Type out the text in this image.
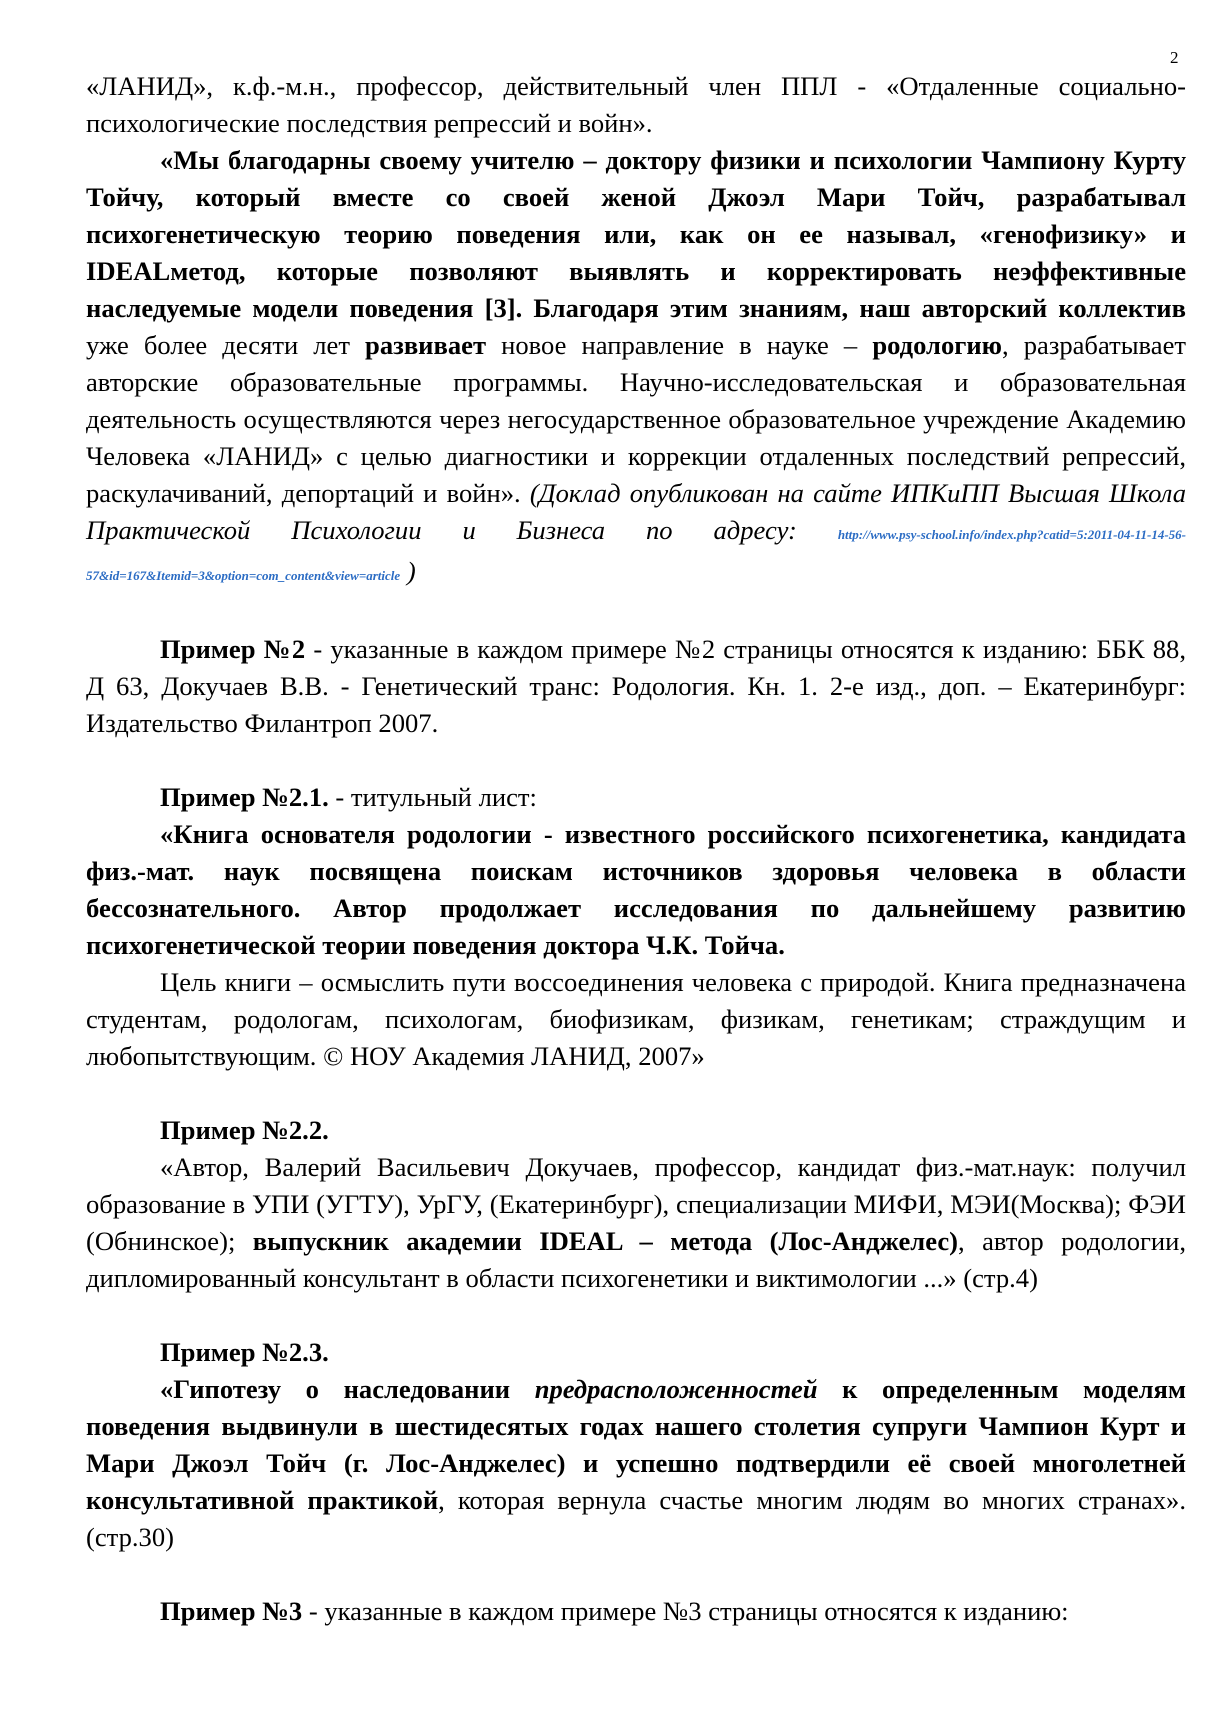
2

«ЛАНИД», к.ф.-м.н., профессор, действительный член ППЛ - «Отдаленные социально-психологические последствия репрессий и войн».

«Мы благодарны своему учителю – доктору физики и психологии Чампиону Курту Тойчу, который вместе со своей женой Джоэл Мари Тойч, разрабатывал психогенетическую теорию поведения или, как он ее называл, «генофизику» и IDEALметод, которые позволяют выявлять и корректировать неэффективные наследуемые модели поведения [3]. Благодаря этим знаниям, наш авторский коллектив уже более десяти лет развивает новое направление в науке – родологию, разрабатывает авторские образовательные программы. Научно-исследовательская и образовательная деятельность осуществляются через негосударственное образовательное учреждение Академию Человека «ЛАНИД» с целью диагностики и коррекции отдаленных последствий репрессий, раскулачиваний, депортаций и войн». (Доклад опубликован на сайте ИПКиПП Высшая Школа Практической Психологии и Бизнеса по адресу: http://www.psy-school.info/index.php?catid=5:2011-04-11-14-56-57&id=167&Itemid=3&option=com_content&view=article )

Пример №2 - указанные в каждом примере №2 страницы относятся к изданию: ББК 88, Д 63, Докучаев В.В. - Генетический транс: Родология. Кн. 1. 2-е изд., доп. – Екатеринбург: Издательство Филантроп 2007.

Пример №2.1. - титульный лист:

«Книга основателя родологии - известного российского психогенетика, кандидата физ.-мат. наук посвящена поискам источников здоровья человека в области бессознательного. Автор продолжает исследования по дальнейшему развитию психогенетической теории поведения доктора Ч.К. Тойча.

Цель книги – осмыслить пути воссоединения человека с природой. Книга предназначена студентам, родологам, психологам, биофизикам, физикам, генетикам; страждущим и любопытствующим. © НОУ Академия ЛАНИД, 2007»

Пример №2.2.

«Автор, Валерий Васильевич Докучаев, профессор, кандидат физ.-мат.наук: получил образование в УПИ (УГТУ), УрГУ, (Екатеринбург), специализации МИФИ, МЭИ(Москва); ФЭИ (Обнинское); выпускник академии IDEAL – метода (Лос-Анджелес), автор родологии, дипломированный консультант в области психогенетики и виктимологии ...» (стр.4)

Пример №2.3.

«Гипотезу о наследовании предрасположенностей к определенным моделям поведения выдвинули в шестидесятых годах нашего столетия супруги Чампион Курт и Мари Джоэл Тойч (г. Лос-Анджелес) и успешно подтвердили её своей многолетней консультативной практикой, которая вернула счастье многим людям во многих странах». (стр.30)

Пример №3 - указанные в каждом примере №3 страницы относятся к изданию:
